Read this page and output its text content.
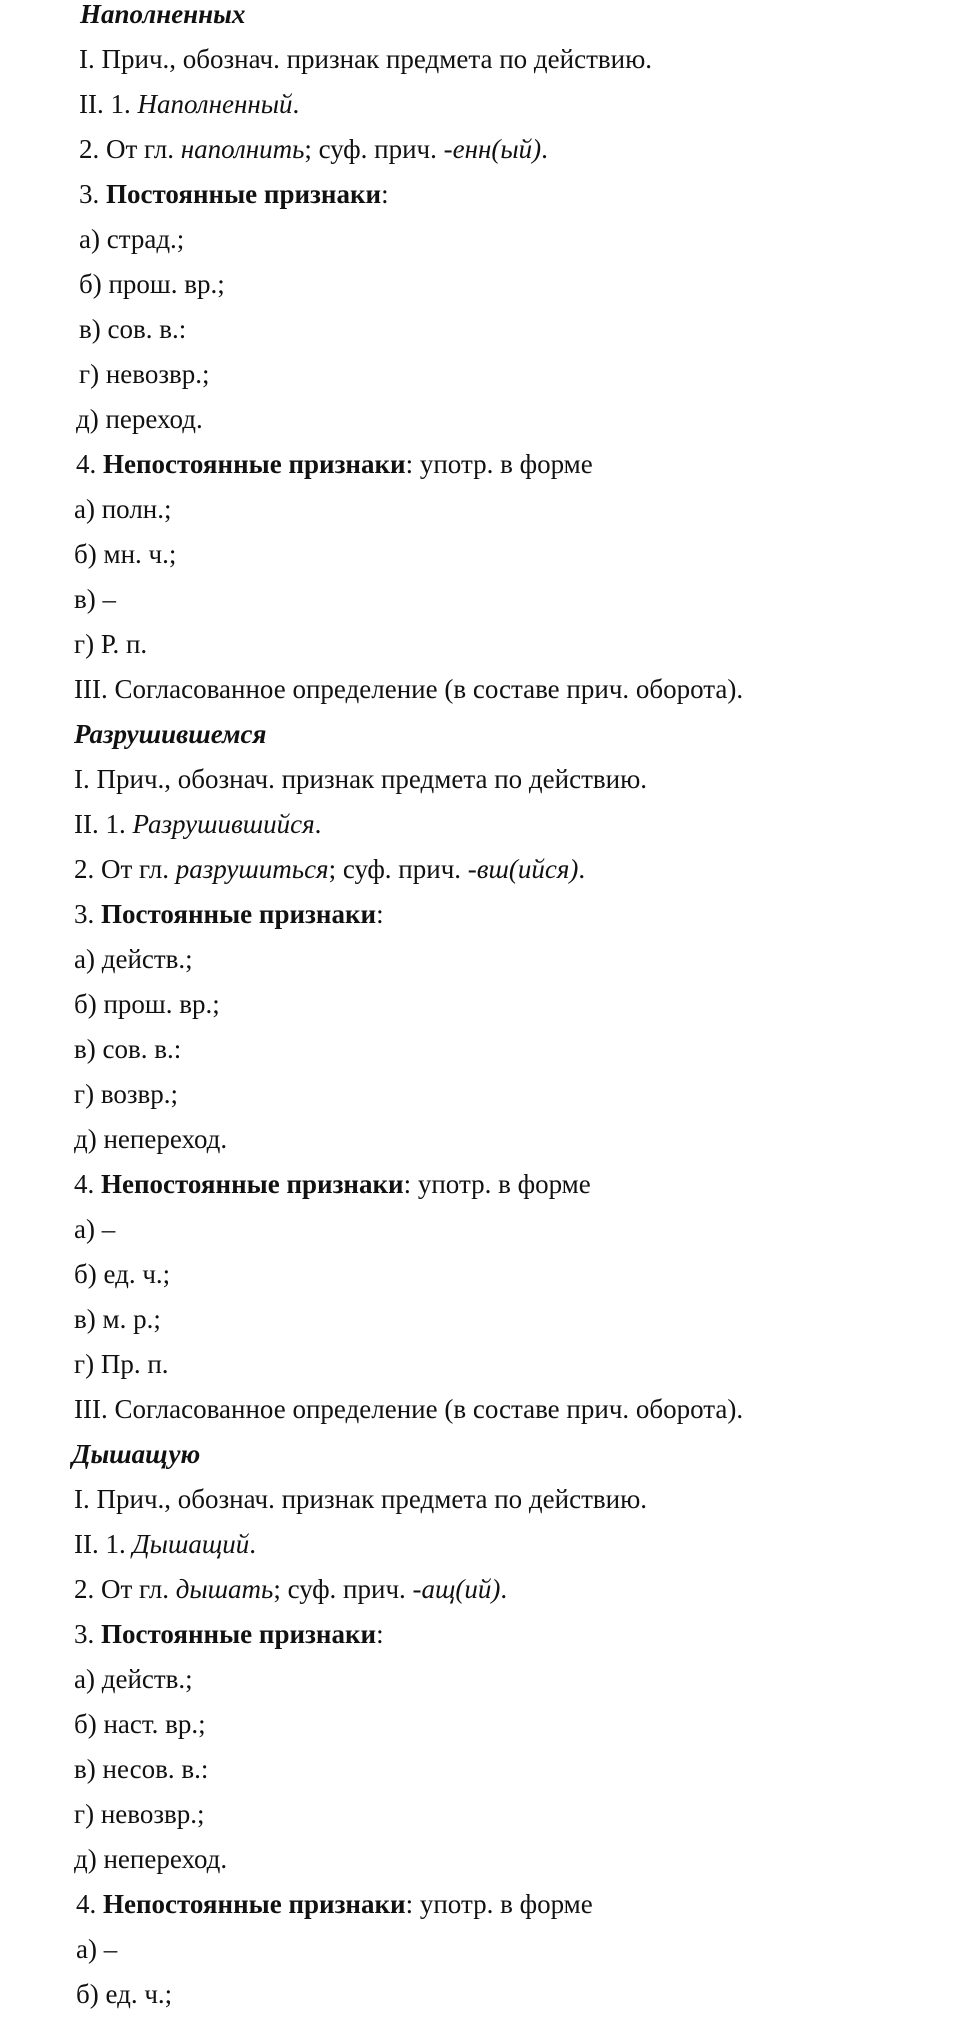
Наполненных
I. Прич., обознач. признак предмета по действию.
II. 1. Наполненный.
2. От гл. наполнить; суф. прич. -енн(ый).
3. Постоянные признаки:
а) страд.;
б) прош. вр.;
в) сов. в.:
г) невозвр.;
д) переход.
4. Непостоянные признаки: употр. в форме
а) полн.;
б) мн. ч.;
в) –
г) Р. п.
III. Согласованное определение (в составе прич. оборота).
Разрушившемся
I. Прич., обознач. признак предмета по действию.
II. 1. Разрушившийся.
2. От гл. разрушиться; суф. прич. -вш(ийся).
3. Постоянные признаки:
а) действ.;
б) прош. вр.;
в) сов. в.:
г) возвр.;
д) непереход.
4. Непостоянные признаки: употр. в форме
а) –
б) ед. ч.;
в) м. р.;
г) Пр. п.
III. Согласованное определение (в составе прич. оборота).
Дышащую
I. Прич., обознач. признак предмета по действию.
II. 1. Дышащий.
2. От гл. дышать; суф. прич. -ащ(ий).
3. Постоянные признаки:
а) действ.;
б) наст. вр.;
в) несов. в.:
г) невозвр.;
д) непереход.
4. Непостоянные признаки: употр. в форме
а) –
б) ед. ч.;
